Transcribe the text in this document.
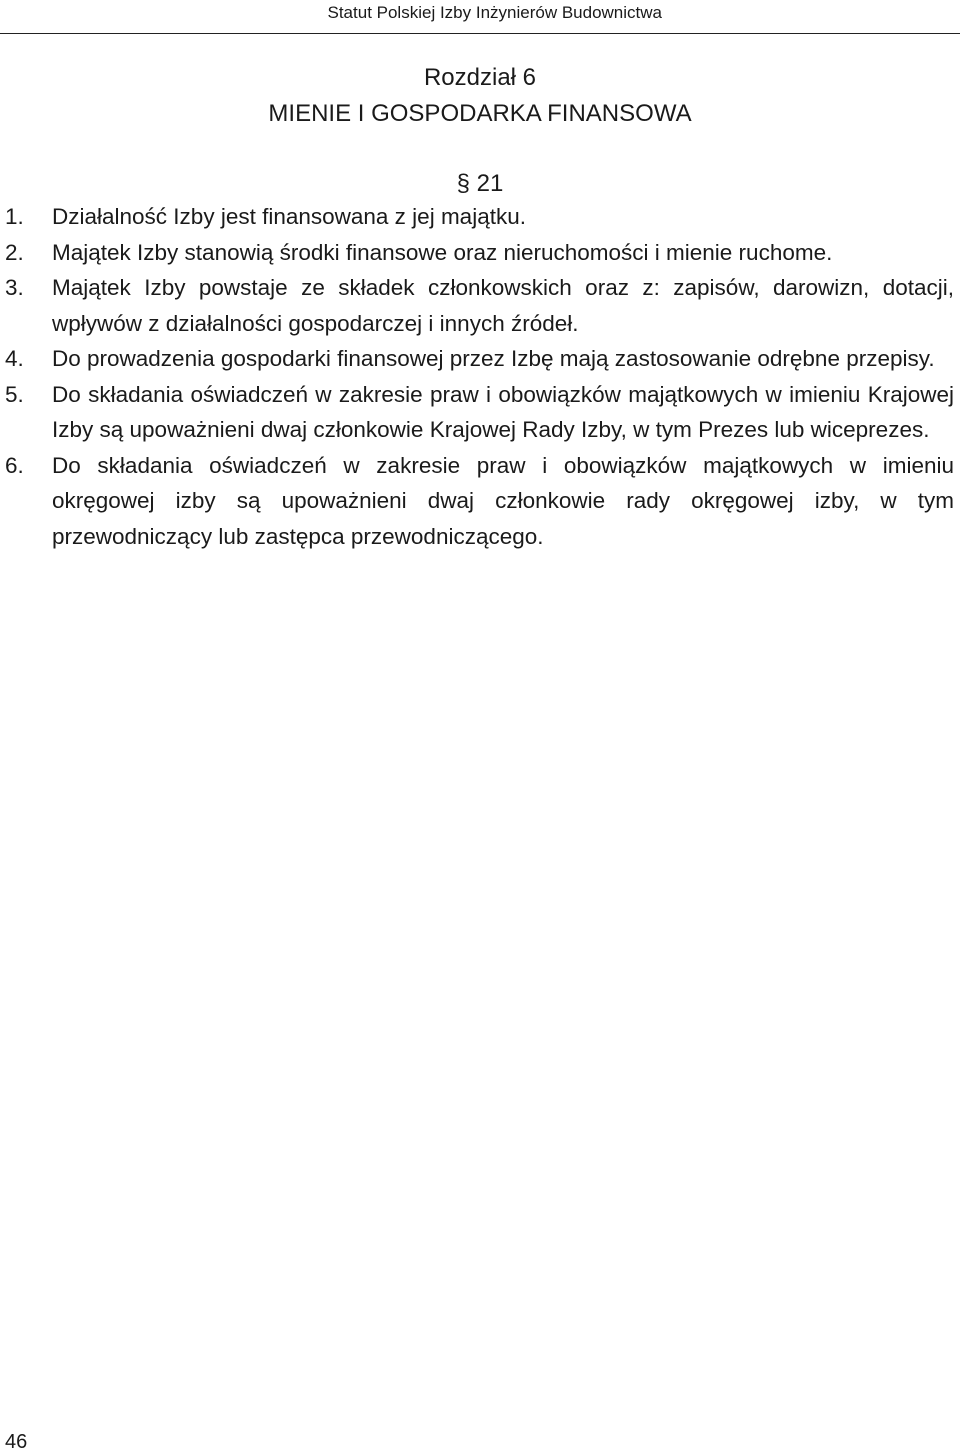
Statut Polskiej Izby Inżynierów Budownictwa
Rozdział 6
MIENIE I GOSPODARKA FINANSOWA
§ 21
1. Działalność Izby jest finansowana z jej majątku.
2. Majątek Izby stanowią środki finansowe oraz nieruchomości i mienie ruchome.
3. Majątek Izby powstaje ze składek członkowskich oraz z: zapisów, darowizn, dotacji, wpływów z działalności gospodarczej i innych źródeł.
4. Do prowadzenia gospodarki finansowej przez Izbę mają zastosowanie odrębne przepisy.
5. Do składania oświadczeń w zakresie praw i obowiązków majątkowych w imieniu Krajowej Izby są upoważnieni dwaj członkowie Krajowej Rady Izby, w tym Prezes lub wiceprezes.
6. Do składania oświadczeń w zakresie praw i obowiązków majątkowych w imieniu okręgowej izby są upoważnieni dwaj członkowie rady okręgowej izby, w tym przewodniczący lub zastępca przewodniczącego.
46
